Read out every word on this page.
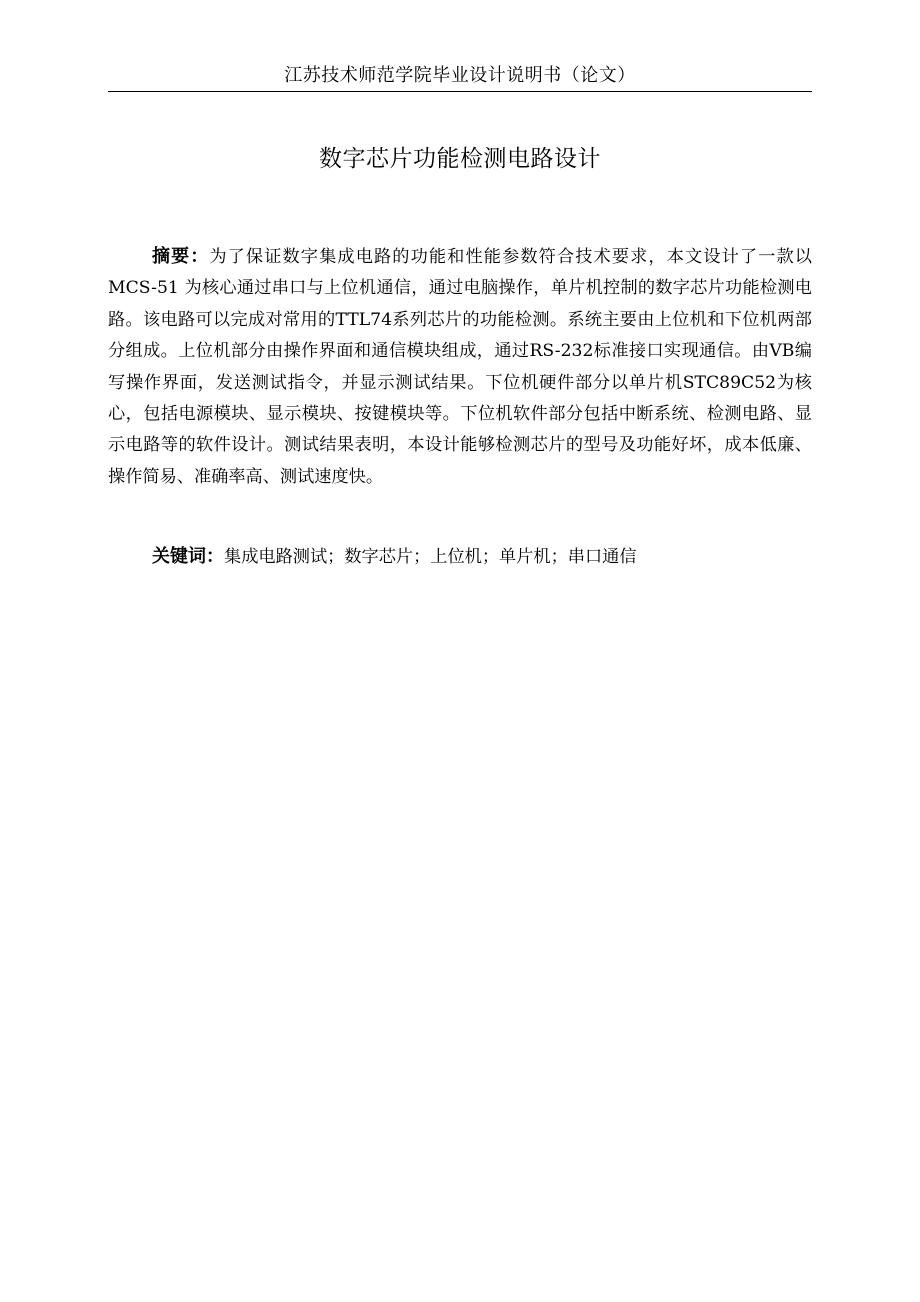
江苏技术师范学院毕业设计说明书（论文）
数字芯片功能检测电路设计

摘要：为了保证数字集成电路的功能和性能参数符合技术要求，本文设计了一款以MCS-51 为核心通过串口与上位机通信，通过电脑操作，单片机控制的数字芯片功能检测电路。该电路可以完成对常用的TTL74系列芯片的功能检测。系统主要由上位机和下位机两部分组成。上位机部分由操作界面和通信模块组成，通过RS-232标准接口实现通信。由VB编写操作界面，发送测试指令，并显示测试结果。下位机硬件部分以单片机STC89C52为核心，包括电源模块、显示模块、按键模块等。下位机软件部分包括中断系统、检测电路、显示电路等的软件设计。测试结果表明，本设计能够检测芯片的型号及功能好坏，成本低廉、操作简易、准确率高、测试速度快。

关键词：集成电路测试；数字芯片；上位机；单片机；串口通信
